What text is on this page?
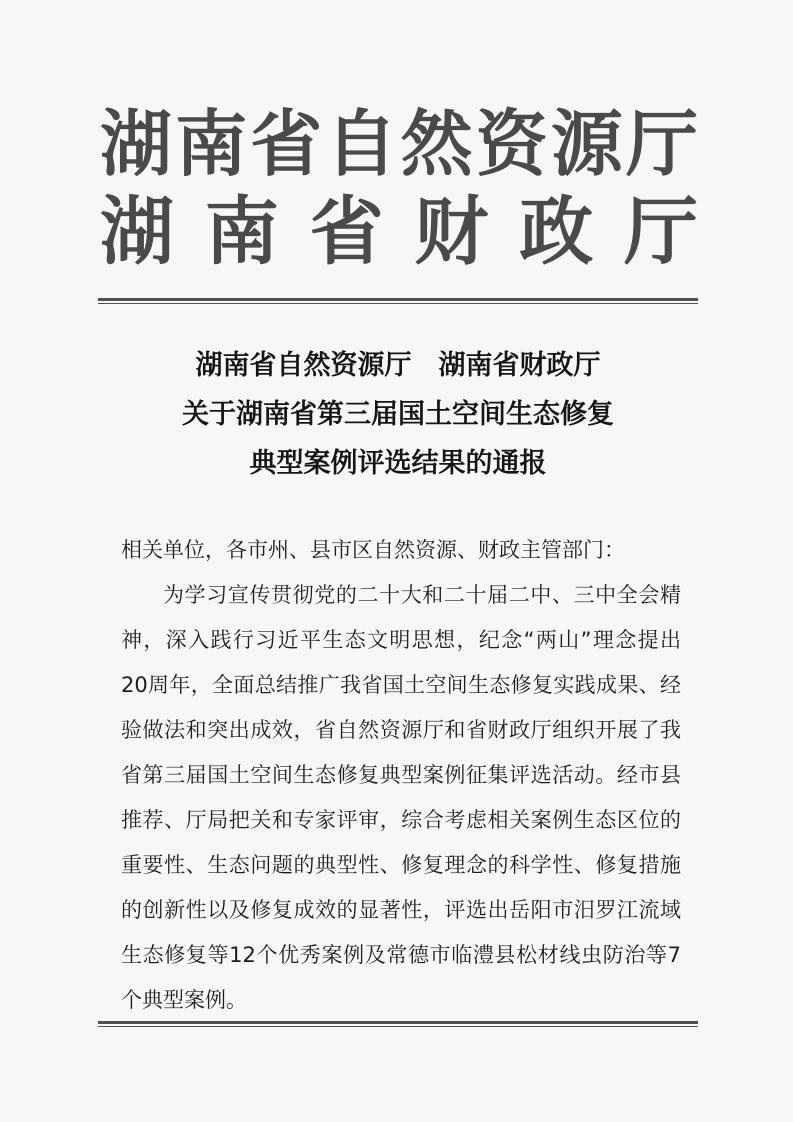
湖南省自然资源厅
湖南省财政厅
湖南省自然资源厅　湖南省财政厅
关于湖南省第三届国土空间生态修复
典型案例评选结果的通报
相关单位，各市州、县市区自然资源、财政主管部门：
为学习宣传贯彻党的二十大和二十届二中、三中全会精
神，深入践行习近平生态文明思想，纪念“两山”理念提出
20周年，全面总结推广我省国土空间生态修复实践成果、经
验做法和突出成效，省自然资源厅和省财政厅组织开展了我
省第三届国土空间生态修复典型案例征集评选活动。经市县
推荐、厅局把关和专家评审，综合考虑相关案例生态区位的
重要性、生态问题的典型性、修复理念的科学性、修复措施
的创新性以及修复成效的显著性，评选出岳阳市汨罗江流域
生态修复等12个优秀案例及常德市临澧县松材线虫防治等7
个典型案例。
